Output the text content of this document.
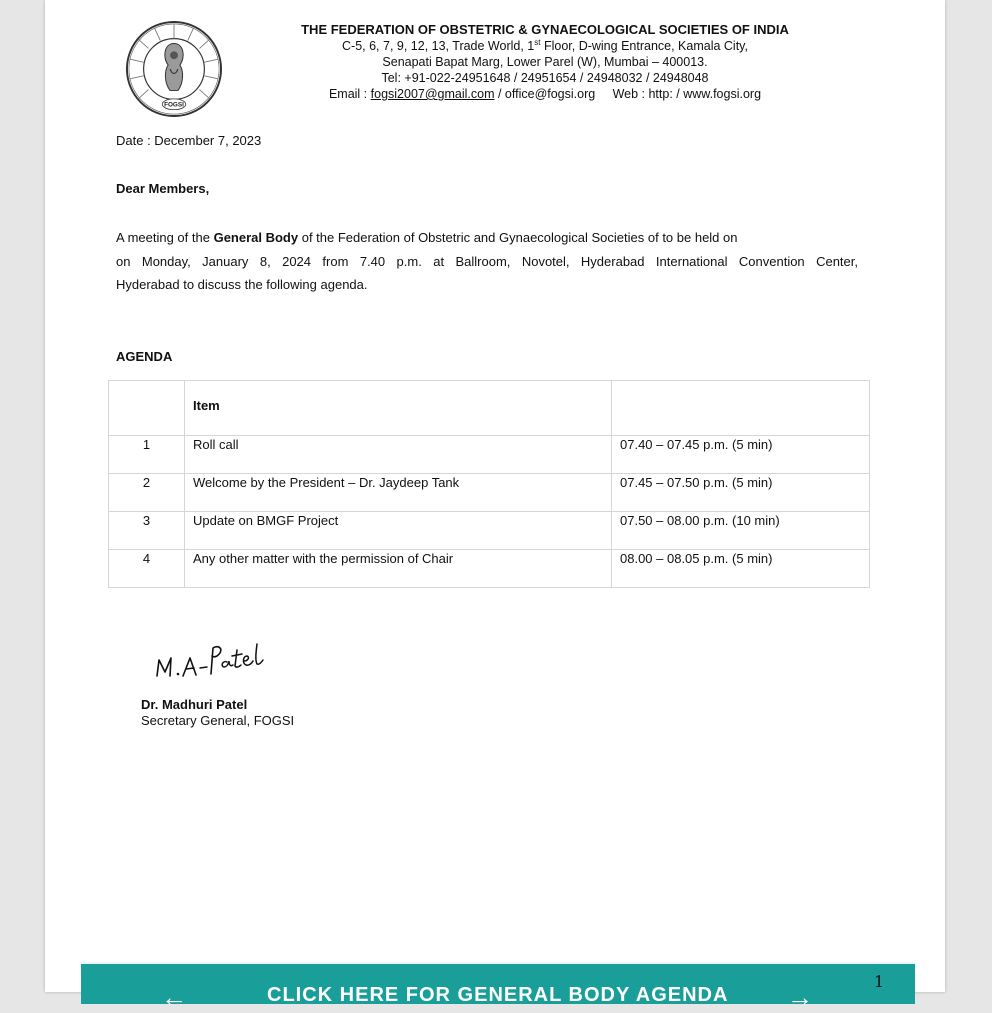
FOGSI
THE FEDERATION OF OBSTETRIC & GYNAECOLOGICAL SOCIETIES OF INDIA
C-5, 6, 7, 9, 12, 13, Trade World, 1st Floor, D-wing Entrance, Kamala City,
Senapati Bapat Marg, Lower Parel (W), Mumbai – 400013.
Tel: +91-022-24951648 / 24951654 / 24948032 / 24948048
Email : fogsi2007@gmail.com / office@fogsi.org Web : http: / www.fogsi.org
Date : December 7, 2023
Dear Members,
A meeting of the General Body of the Federation of Obstetric and Gynaecological Societies of to be held on
on Monday, January 8, 2024 from 7.40 p.m. at Ballroom, Novotel, Hyderabad International Convention Center,
Hyderabad to discuss the following agenda.
AGENDA
	Item	
1	Roll call	07.40 – 07.45 p.m. (5 min)
2	Welcome by the President – Dr. Jaydeep Tank	07.45 – 07.50 p.m. (5 min)
3	Update on BMGF Project	07.50 – 08.00 p.m. (10 min)
4	Any other matter with the permission of Chair	08.00 – 08.05 p.m. (5 min)
Dr. Madhuri Patel
Secretary General, FOGSI
←	CLICK HERE FOR GENERAL BODY AGENDA →
1
